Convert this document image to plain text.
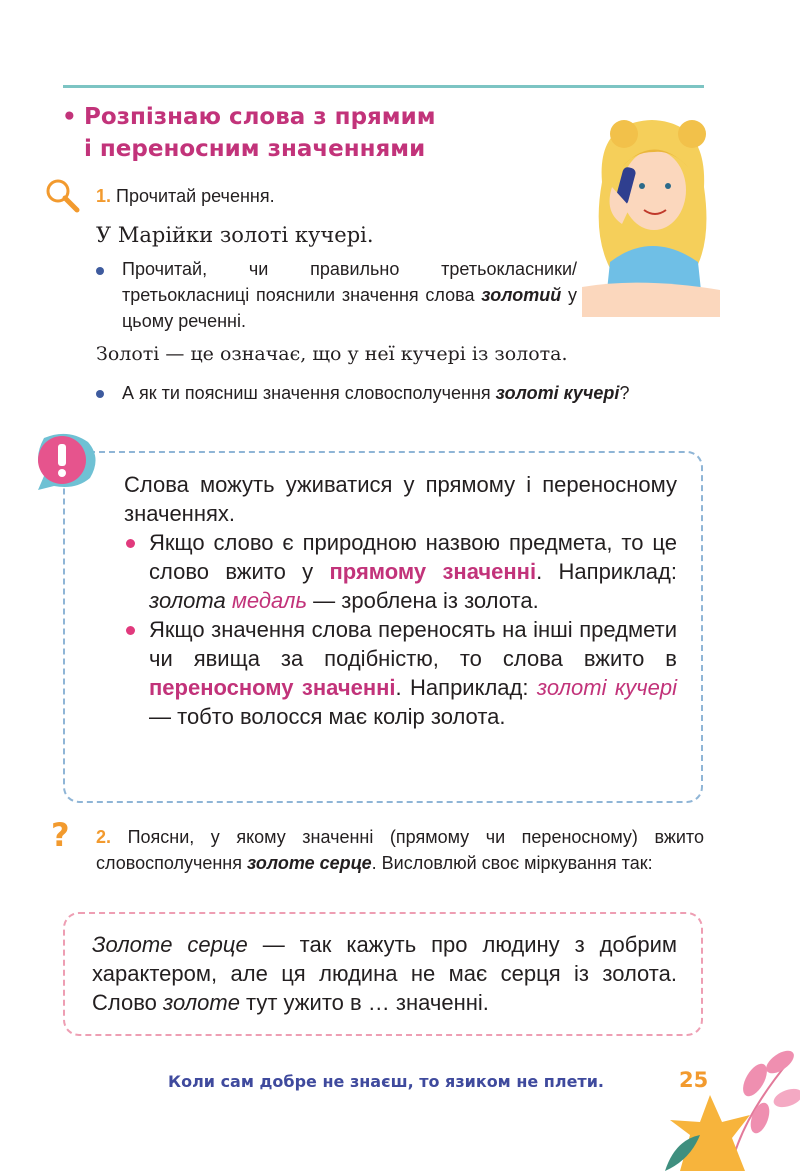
• Розпізнаю слова з прямим
і переносним значеннями
1. Прочитай речення.
У Марійки золоті кучері.
Прочитай, чи правильно третьокласники/третьокласниці пояснили значення слова золотий у цьому реченні.
Золоті — це означає, що у неї кучері із золота.
А як ти поясниш значення словосполучення золоті кучері?

Слова можуть уживатися у прямому і переносному значеннях.

Якщо слово є природною назвою предмета, то це слово вжито у прямому значенні. Наприклад: золота медаль — зроблена із золота.
Якщо значення слова переносять на інші предмети чи явища за подібністю, то слова вжито в переносному значенні. Наприклад: золоті кучері — тобто волосся має колір золота.
? 2. Поясни, у якому значенні (прямому чи переносному) вжито словосполучення золоте серце. Висловлюй своє міркування так:
Золоте серце — так кажуть про людину з добрим характером, але ця людина не має серця із золота. Слово золоте тут ужито в … значенні.
Коли сам добре не знаєш, то язиком не плети.	25
